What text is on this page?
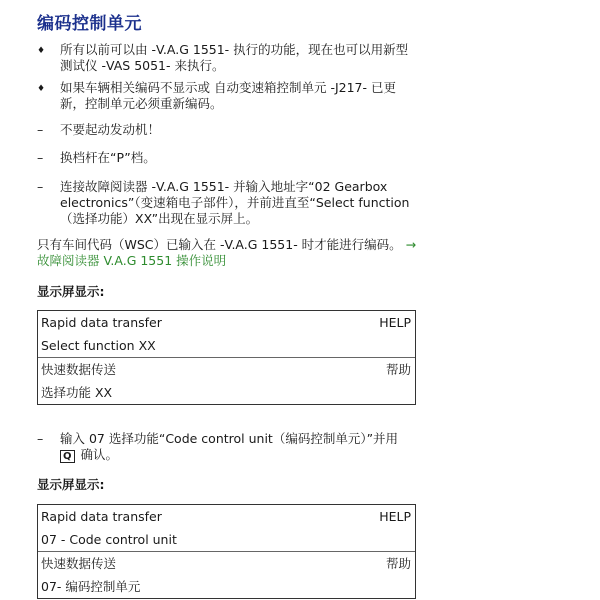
编码控制单元
♦	所有以前可以由 -V.A.G 1551- 执行的功能，现在也可以用新型测试仪 -VAS 5051- 来执行。
♦	如果车辆相关编码不显示或 自动变速箱控制单元 -J217- 已更新，控制单元必须重新编码。
–	不要起动发动机！
–	换档杆在“P”档。
–	连接故障阅读器 -V.A.G 1551- 并输入地址字“02 Gearbox electronics”（变速箱电子部件），并前进直至“Select function（选择功能）XX”出现在显示屏上。
只有车间代码（WSC）已输入在 -V.A.G 1551- 时才能进行编码。 → 故障阅读器 V.A.G 1551 操作说明
显示屏显示:
Rapid data transfer	HELP
Select function XX
快速数据传送	帮助
选择功能 XX
–	输入 07 选择功能“Code control unit（编码控制单元）”并用
Q 确认。
显示屏显示:
Rapid data transfer	HELP
07 - Code control unit
快速数据传送	帮助
07- 编码控制单元
